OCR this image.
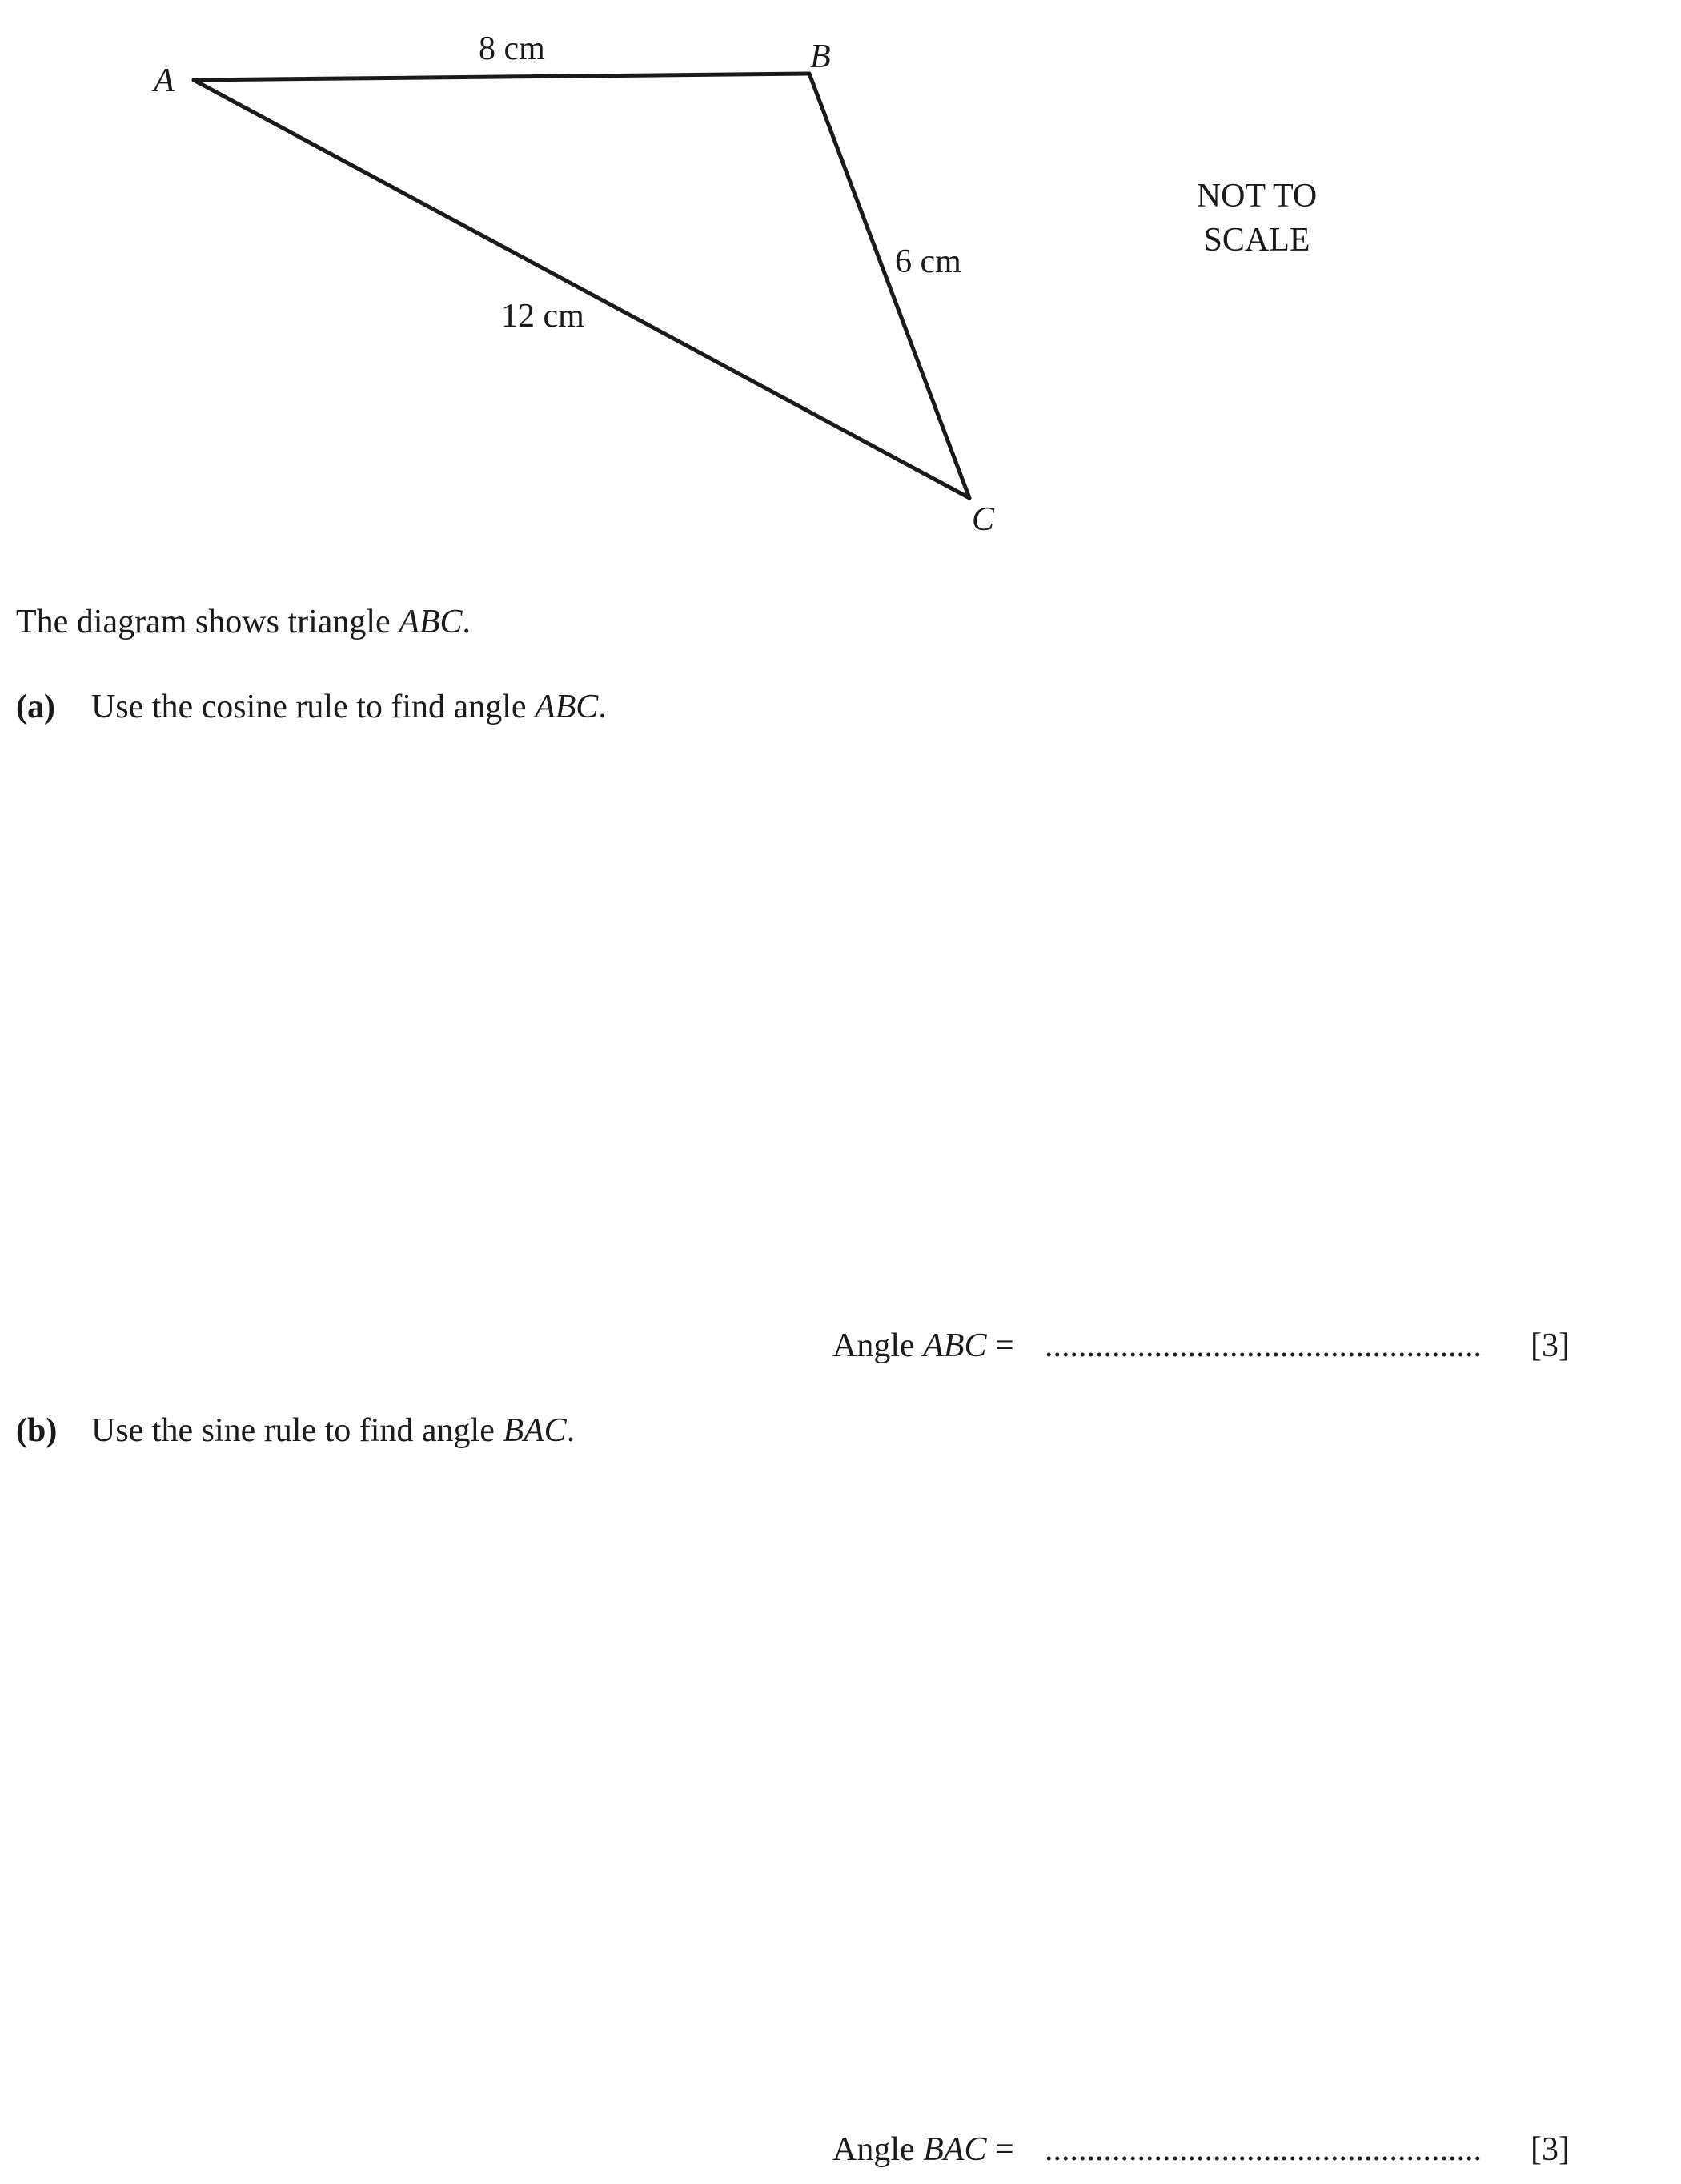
A
B
C
8 cm
6 cm
12 cm
NOT TO
SCALE
The diagram shows triangle ABC.
(a) Use the cosine rule to find angle ABC.
Angle ABC = .................................................... [3]
(b) Use the sine rule to find angle BAC.
Angle BAC = .................................................... [3]
